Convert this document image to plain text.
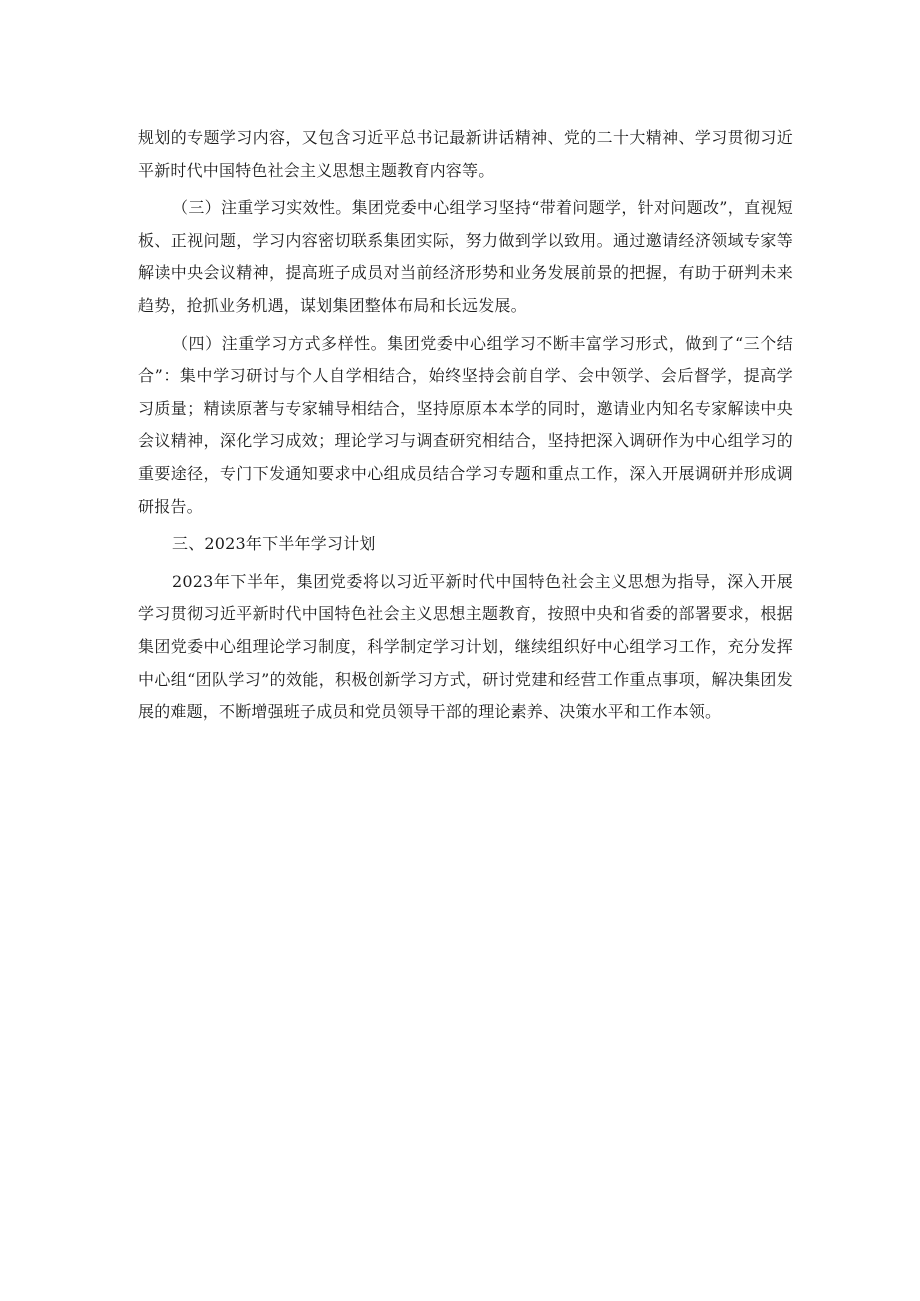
规划的专题学习内容，又包含习近平总书记最新讲话精神、党的二十大精神、学习贯彻习近平新时代中国特色社会主义思想主题教育内容等。

（三）注重学习实效性。集团党委中心组学习坚持“带着问题学，针对问题改”，直视短板、正视问题，学习内容密切联系集团实际，努力做到学以致用。通过邀请经济领域专家等解读中央会议精神，提高班子成员对当前经济形势和业务发展前景的把握，有助于研判未来趋势，抢抓业务机遇，谋划集团整体布局和长远发展。

（四）注重学习方式多样性。集团党委中心组学习不断丰富学习形式，做到了“三个结合”：集中学习研讨与个人自学相结合，始终坚持会前自学、会中领学、会后督学，提高学习质量；精读原著与专家辅导相结合，坚持原原本本学的同时，邀请业内知名专家解读中央会议精神，深化学习成效；理论学习与调查研究相结合，坚持把深入调研作为中心组学习的重要途径，专门下发通知要求中心组成员结合学习专题和重点工作，深入开展调研并形成调研报告。

三、2023年下半年学习计划

2023年下半年，集团党委将以习近平新时代中国特色社会主义思想为指导，深入开展学习贯彻习近平新时代中国特色社会主义思想主题教育，按照中央和省委的部署要求，根据集团党委中心组理论学习制度，科学制定学习计划，继续组织好中心组学习工作，充分发挥中心组“团队学习”的效能，积极创新学习方式，研讨党建和经营工作重点事项，解决集团发展的难题，不断增强班子成员和党员领导干部的理论素养、决策水平和工作本领。
